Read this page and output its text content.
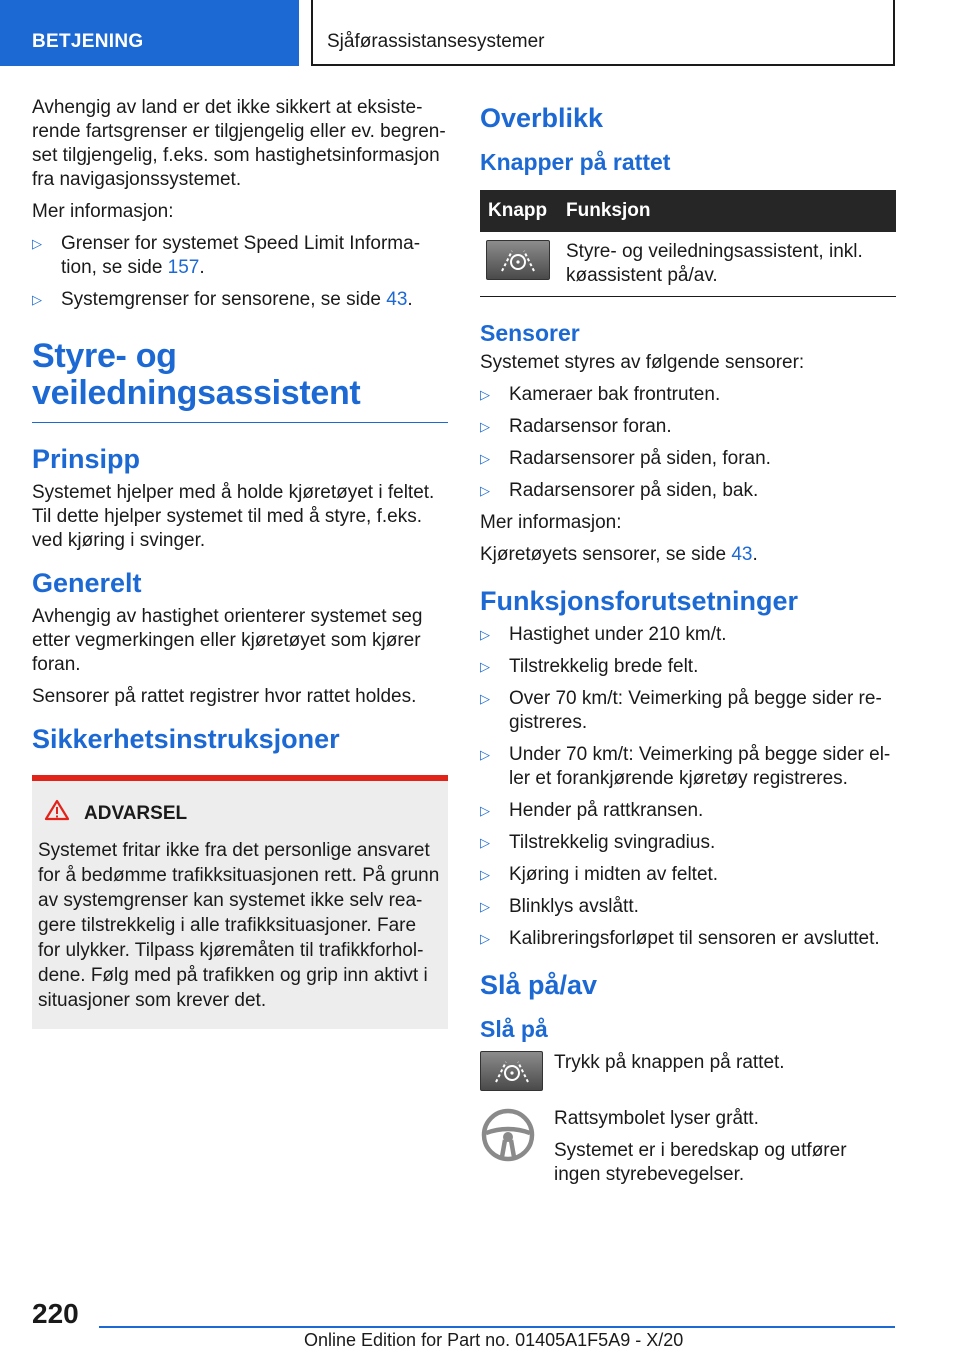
BETJENING	Sjåførassistansesystemer

Avhengig av land er det ikke sikkert at eksiste-rende fartsgrenser er tilgjengelig eller ev. begren-set tilgjengelig, f.eks. som hastighetsinformasjon fra navigasjonssystemet.

Mer informasjon:

▷ Grenser for systemet Speed Limit Informa-tion, se side 157.
▷ Systemgrenser for sensorene, se side 43.
Styre- og veiledningsassistent
Prinsipp

Systemet hjelper med å holde kjøretøyet i feltet. Til dette hjelper systemet til med å styre, f.eks. ved kjøring i svinger.

Generelt

Avhengig av hastighet orienterer systemet seg etter vegmerkingen eller kjøretøyet som kjører foran.

Sensorer på rattet registrer hvor rattet holdes.

Sikkerhetsinstruksjoner
ADVARSEL
Systemet fritar ikke fra det personlige ansvaret for å bedømme trafikksituasjonen rett. På grunn av systemgrenser kan systemet ikke selv rea-gere tilstrekkelig i alle trafikksituasjoner. Fare for ulykker. Tilpass kjøremåten til trafikkforhol-dene. Følg med på trafikken og grip inn aktivt i situasjoner som krever det.
Overblikk
Knapper på rattet
Knapp	Funksjon

	Styre- og veiledningsassistent, inkl. køassistent på/av.
Sensorer

Systemet styres av følgende sensorer:

▷ Kameraer bak frontruten.
▷ Radarsensor foran.
▷ Radarsensorer på siden, foran.
▷ Radarsensorer på siden, bak.

Mer informasjon:

Kjøretøyets sensorer, se side 43.

Funksjonsforutsetninger
▷ Hastighet under 210 km/t.
▷ Tilstrekkelig brede felt.
▷ Over 70 km/t: Veimerking på begge sider re-gistreres.
▷ Under 70 km/t: Veimerking på begge sider el-ler et forankjørende kjøretøy registreres.
▷ Hender på rattkransen.
▷ Tilstrekkelig svingradius.
▷ Kjøring i midten av feltet.
▷ Blinklys avslått.
▷ Kalibreringsforløpet til sensoren er avsluttet.
Slå på/av
Slå på
Trykk på knappen på rattet.

Rattsymbolet lyser grått.

Systemet er i beredskap og utfører ingen styrebevegelser.

220
Online Edition for Part no. 01405A1F5A9 - X/20
